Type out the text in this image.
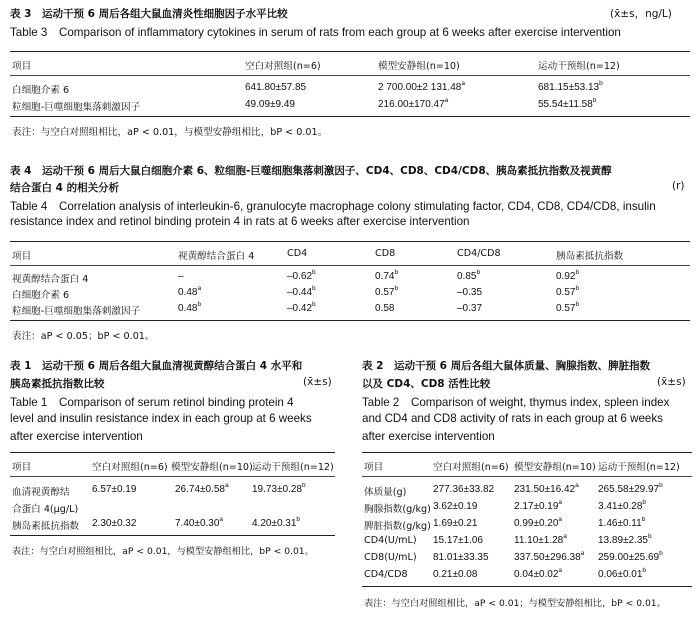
表 3　运动干预 6 周后各组大鼠血清炎性细胞因子水平比较	(x̄±s，ng/L)
Table 3　Comparison of inflammatory cytokines in serum of rats from each group at 6 weeks after exercise intervention
项目	空白对照组(n=6)	模型安静组(n=10)	运动干预组(n=12)
白细胞介素 6	641.80±57.85	2 700.00±2 131.48$^a$	681.15±53.13$^b$
粒细胞-巨噬细胞集落刺激因子	49.09±9.49	216.00±170.47$^a$	55.54±11.58$^b$
表注：与空白对照组相比，aP < 0.01，与模型安静组相比，bP < 0.01。
表 4　运动干预 6 周后大鼠白细胞介素 6、粒细胞-巨噬细胞集落刺激因子、CD4、CD8、CD4/CD8、胰岛素抵抗指数及视黄醇
结合蛋白 4 的相关分析	(r)
Table 4　Correlation analysis of interleukin-6, granulocyte macrophage colony stimulating factor, CD4, CD8, CD4/CD8, insulin
resistance index and retinol binding protein 4 in rats at 6 weeks after exercise intervention
项目	视黄醇结合蛋白 4	CD4	CD8	CD4/CD8	胰岛素抵抗指数
视黄醇结合蛋白 4	–	–0.62$^b$	0.74$^b$	0.85$^b$	0.92$^b$
白细胞介素 6	0.48$^a$	–0.44$^b$	0.57$^b$	–0.35	0.57$^b$
粒细胞-巨噬细胞集落刺激因子	0.48$^b$	–0.42$^b$	0.58	–0.37	0.57$^b$
表注：aP < 0.05；bP < 0.01。
表 1　运动干预 6 周后各组大鼠血清视黄醇结合蛋白 4 水平和
胰岛素抵抗指数比较	(x̄±s)
Table 1　Comparison of serum retinol binding protein 4
level and insulin resistance index in each group at 6 weeks
after exercise intervention
项目	空白对照组(n=6) 模型安静组(n=10) 运动干预组(n=12)
血清视黄醇结
合蛋白 4(μg/L)
6.57±0.19	26.74±0.58$^a$ 19.73±0.28$^b$
胰岛素抵抗指数 2.30±0.32	7.40±0.30$^a$	4.20±0.31$^b$
表注：与空白对照组相比，aP < 0.01，与模型安静组相比，bP < 0.01。
表 2　运动干预 6 周后各组大鼠体质量、胸腺指数、脾脏指数
以及 CD4、CD8 活性比较	(x̄±s)
Table 2　Comparison of weight, thymus index, spleen index
and CD4 and CD8 activity of rats in each group at 6 weeks
after exercise intervention
项目	空白对照组(n=6) 模型安静组(n=10) 运动干预组(n=12)
体质量(g)	277.36±33.82 231.50±16.42$^a$ 265.58±29.97$^b$
胸腺指数(g/kg) 3.62±0.19	2.17±0.19$^a$	3.41±0.28$^b$
脾脏指数(g/kg) 1.69±0.21	0.99±0.20$^a$	1.46±0.11$^b$
CD4(U/mL) 15.17±1.06	11.10±1.28$^a$	13.89±2.35$^b$
CD8(U/mL) 81.01±33.35	337.50±296.38$^a$ 259.00±25.69$^b$
CD4/CD8	0.21±0.08	0.04±0.02$^a$	0.06±0.01$^b$
表注：与空白对照组相比，aP < 0.01；与模型安静组相比，bP < 0.01。
